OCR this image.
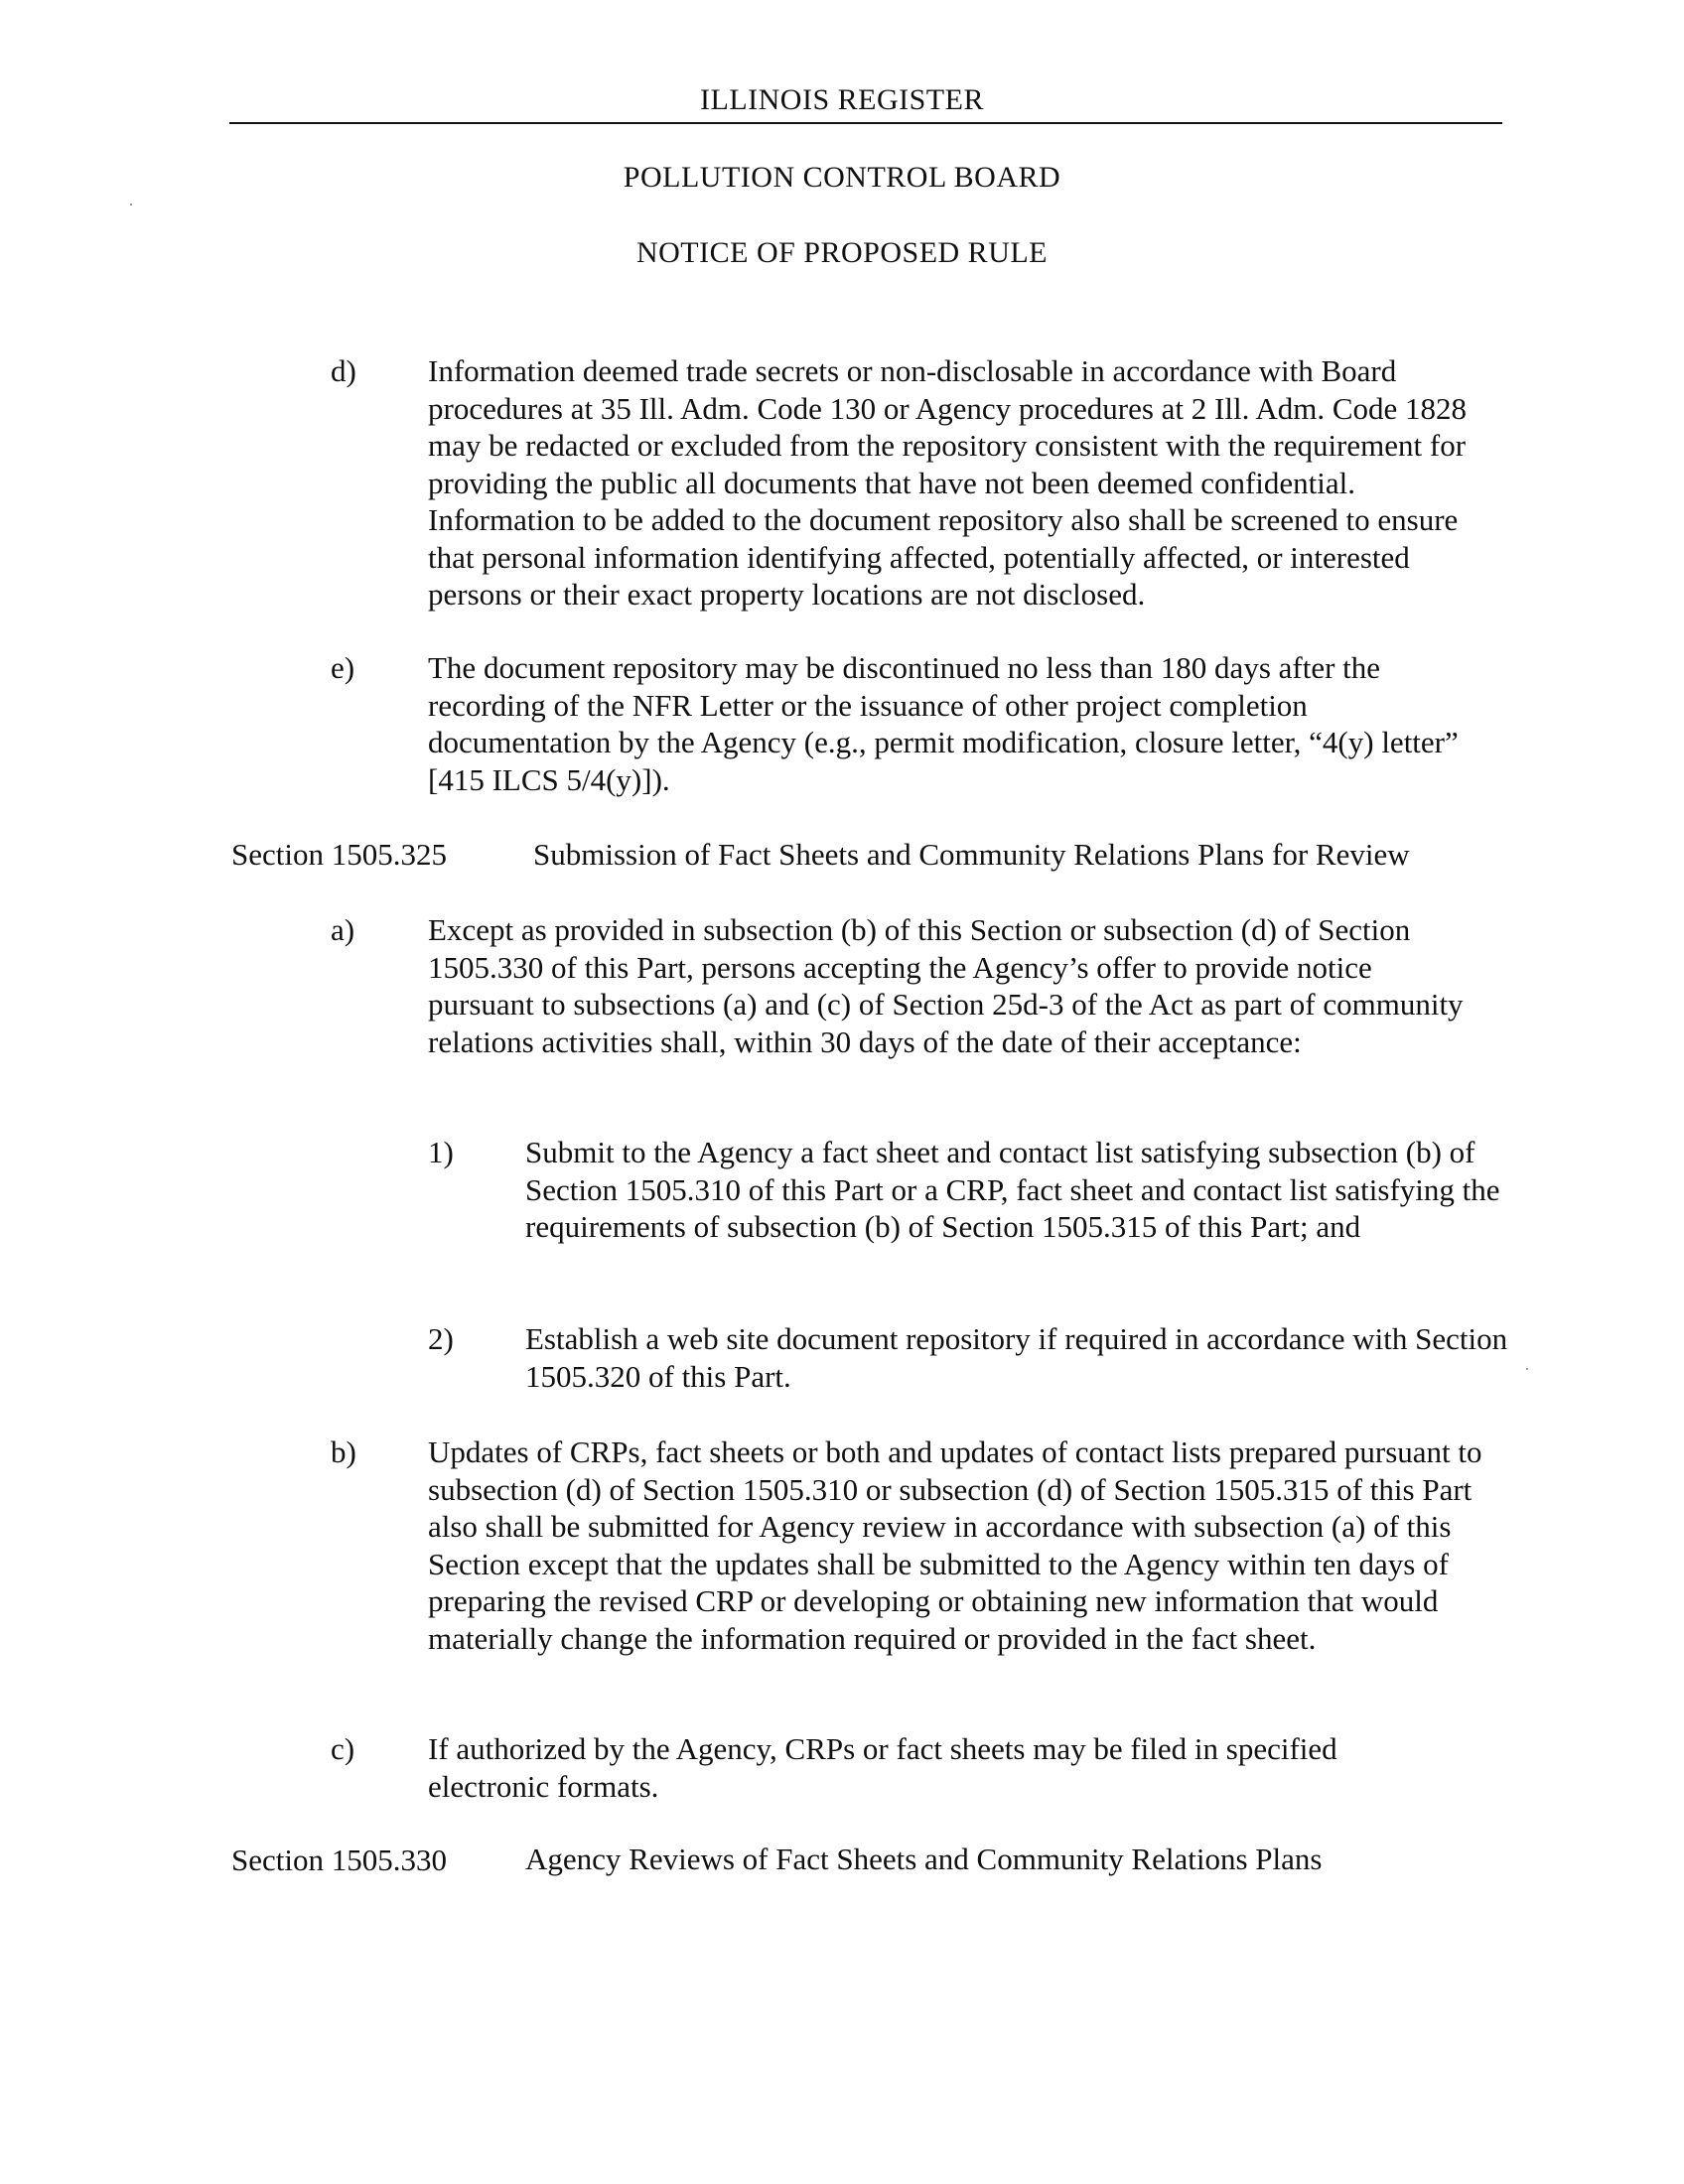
ILLINOIS REGISTER
POLLUTION CONTROL BOARD
NOTICE OF PROPOSED RULE
d) Information deemed trade secrets or non-disclosable in accordance with Board procedures at 35 Ill. Adm. Code 130 or Agency procedures at 2 Ill. Adm. Code 1828 may be redacted or excluded from the repository consistent with the requirement for providing the public all documents that have not been deemed confidential. Information to be added to the document repository also shall be screened to ensure that personal information identifying affected, potentially affected, or interested persons or their exact property locations are not disclosed.
e) The document repository may be discontinued no less than 180 days after the recording of the NFR Letter or the issuance of other project completion documentation by the Agency (e.g., permit modification, closure letter, “4(y) letter” [415 ILCS 5/4(y)]).
Section 1505.325	Submission of Fact Sheets and Community Relations Plans for Review
a) Except as provided in subsection (b) of this Section or subsection (d) of Section 1505.330 of this Part, persons accepting the Agency’s offer to provide notice pursuant to subsections (a) and (c) of Section 25d-3 of the Act as part of community relations activities shall, within 30 days of the date of their acceptance:
1) Submit to the Agency a fact sheet and contact list satisfying subsection (b) of Section 1505.310 of this Part or a CRP, fact sheet and contact list satisfying the requirements of subsection (b) of Section 1505.315 of this Part; and
2) Establish a web site document repository if required in accordance with Section 1505.320 of this Part.
b) Updates of CRPs, fact sheets or both and updates of contact lists prepared pursuant to subsection (d) of Section 1505.310 or subsection (d) of Section 1505.315 of this Part also shall be submitted for Agency review in accordance with subsection (a) of this Section except that the updates shall be submitted to the Agency within ten days of preparing the revised CRP or developing or obtaining new information that would materially change the information required or provided in the fact sheet.
c) If authorized by the Agency, CRPs or fact sheets may be filed in specified electronic formats.
Section 1505.330	Agency Reviews of Fact Sheets and Community Relations Plans
